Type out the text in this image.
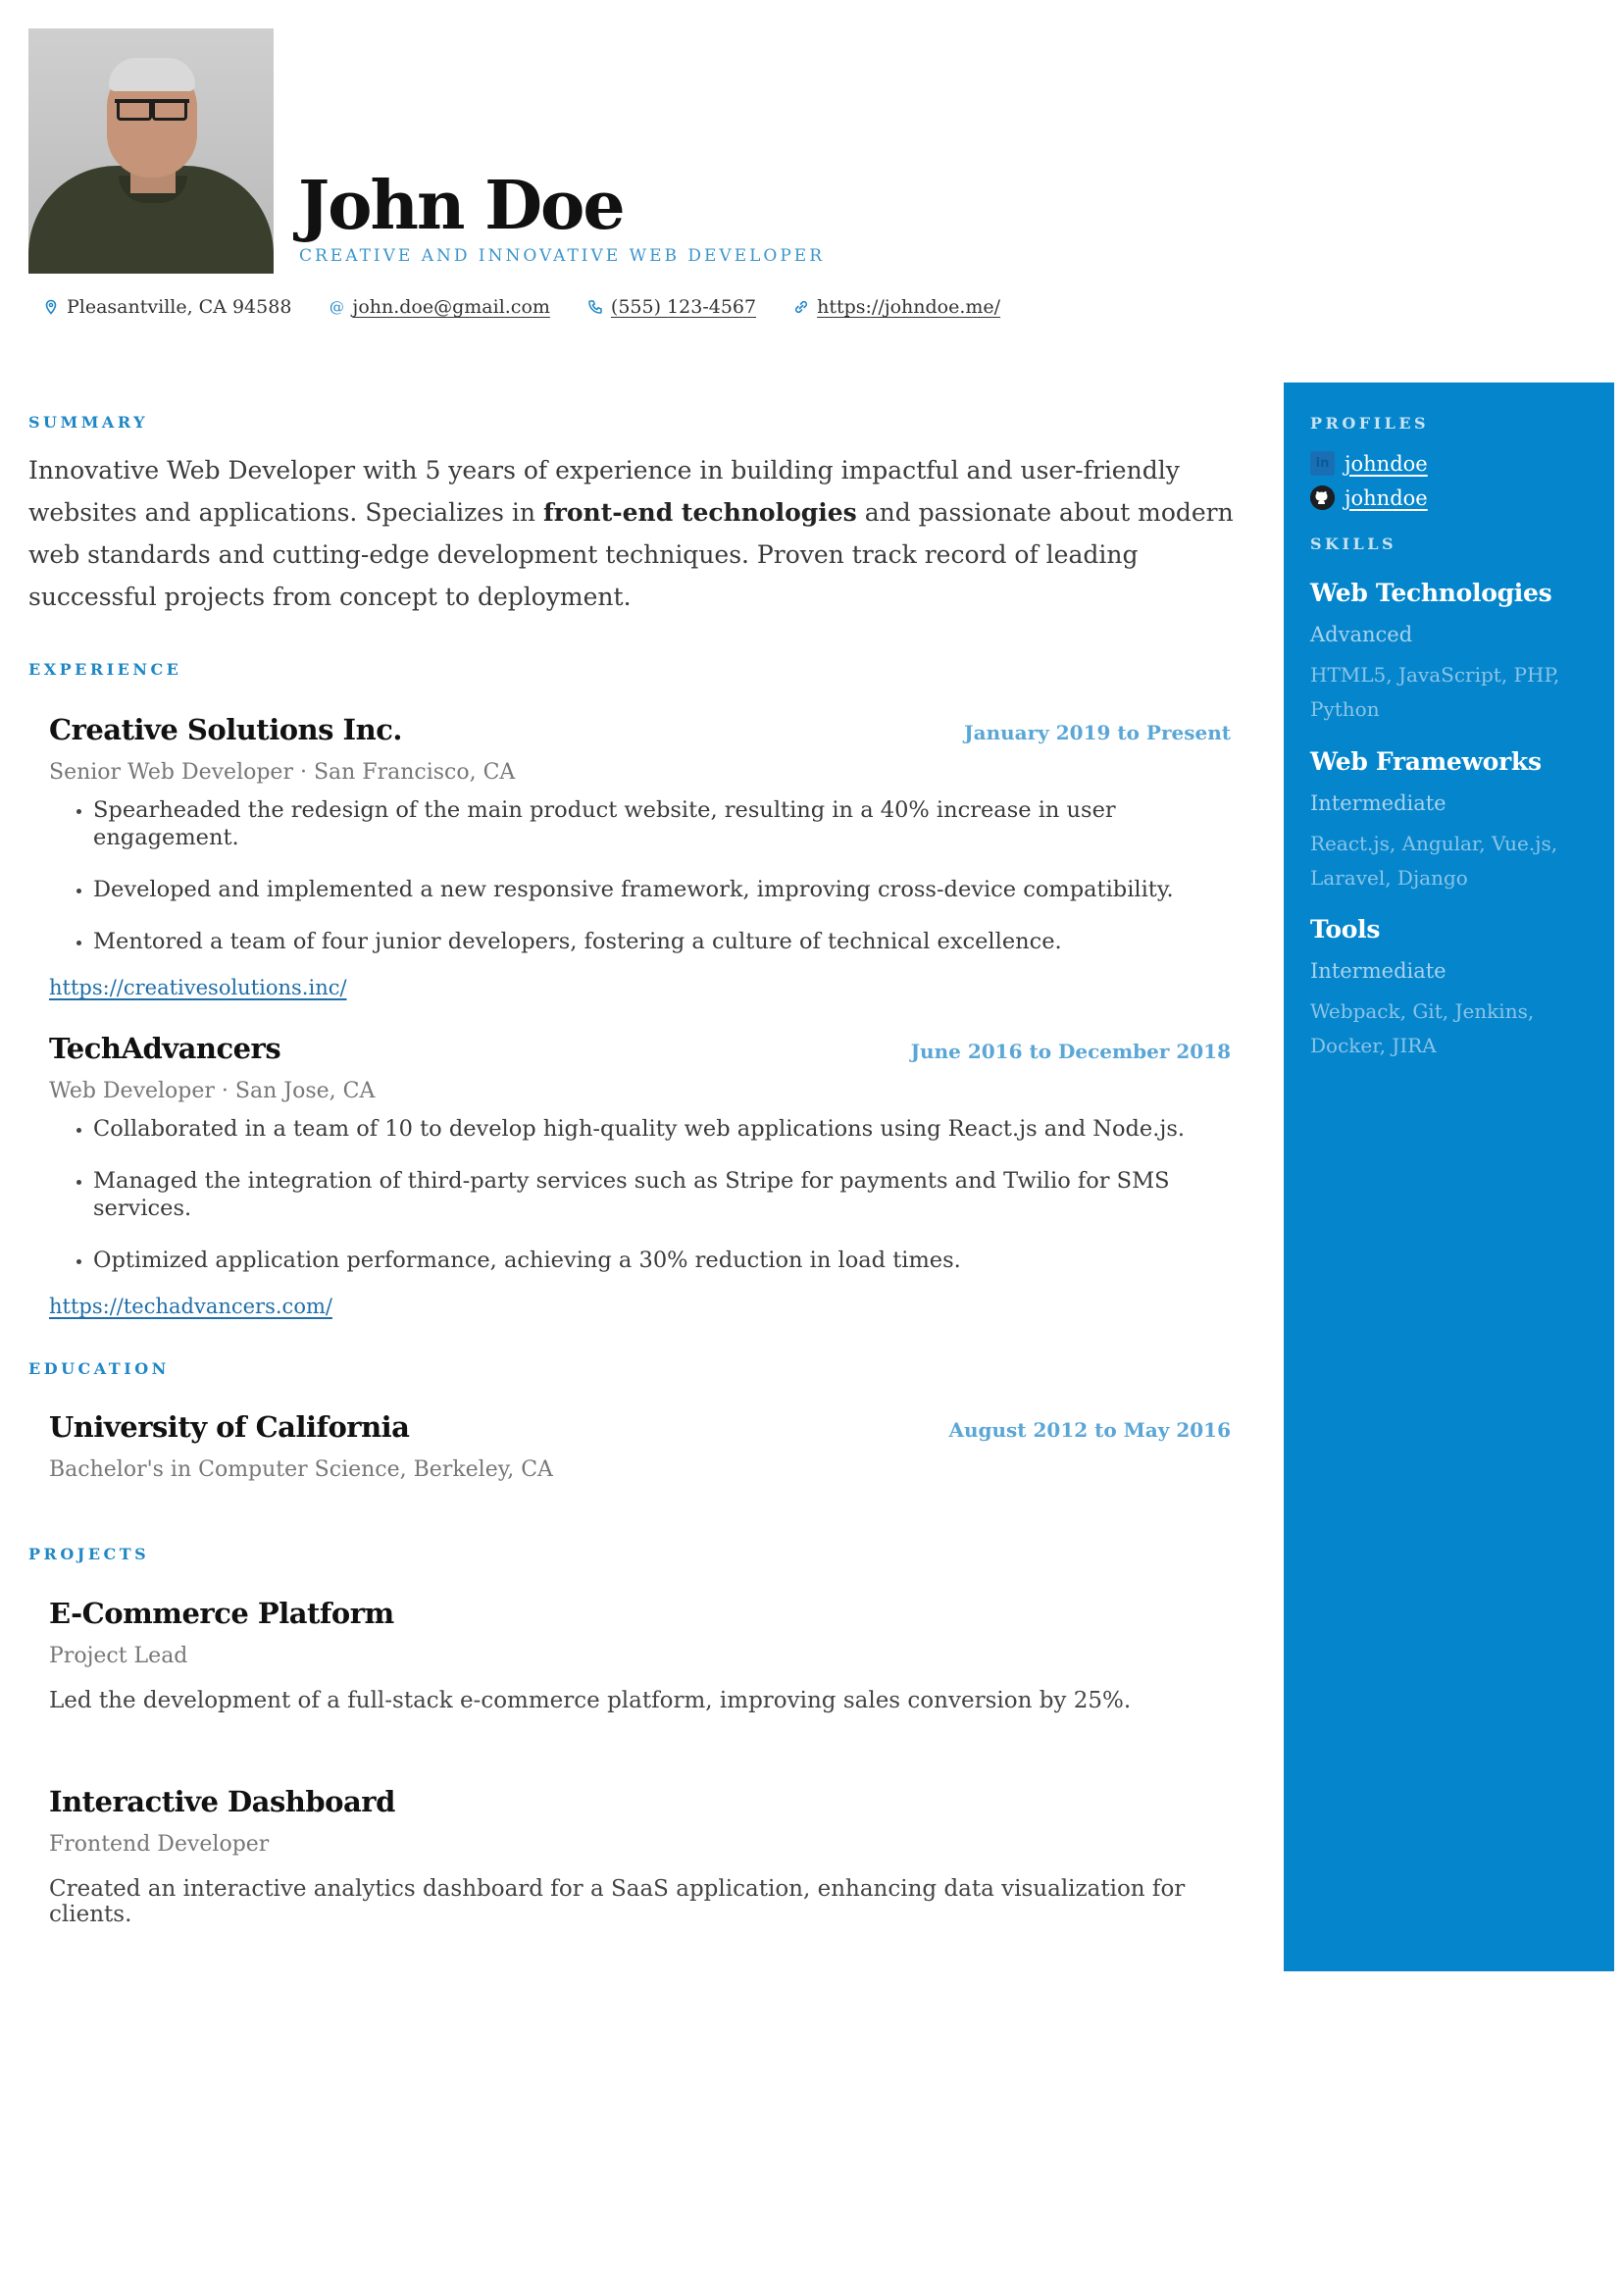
John Doe
CREATIVE AND INNOVATIVE WEB DEVELOPER
Pleasantville, CA 94588	@ john.doe@gmail.com	(555) 123-4567	https://johndoe.me/
SUMMARY
Innovative Web Developer with 5 years of experience in building impactful and user-friendly websites and applications. Specializes in front-end technologies and passionate about modern web standards and cutting-edge development techniques. Proven track record of leading successful projects from concept to deployment.
EXPERIENCE
Creative Solutions Inc.	January 2019 to Present
Senior Web Developer · San Francisco, CA
• Spearheaded the redesign of the main product website, resulting in a 40% increase in user engagement.
• Developed and implemented a new responsive framework, improving cross-device compatibility.
• Mentored a team of four junior developers, fostering a culture of technical excellence.
https://creativesolutions.inc/
TechAdvancers	June 2016 to December 2018
Web Developer · San Jose, CA
• Collaborated in a team of 10 to develop high-quality web applications using React.js and Node.js.
• Managed the integration of third-party services such as Stripe for payments and Twilio for SMS services.
• Optimized application performance, achieving a 30% reduction in load times.
https://techadvancers.com/
EDUCATION
University of California	August 2012 to May 2016
Bachelor's in Computer Science, Berkeley, CA
PROJECTS
E-Commerce Platform
Project Lead
Led the development of a full-stack e-commerce platform, improving sales conversion by 25%.
Interactive Dashboard
Frontend Developer
Created an interactive analytics dashboard for a SaaS application, enhancing data visualization for clients.
PROFILES
in johndoe
johndoe
SKILLS
Web Technologies
Advanced
HTML5, JavaScript, PHP, Python
Web Frameworks
Intermediate
React.js, Angular, Vue.js, Laravel, Django
Tools
Intermediate
Webpack, Git, Jenkins, Docker, JIRA
